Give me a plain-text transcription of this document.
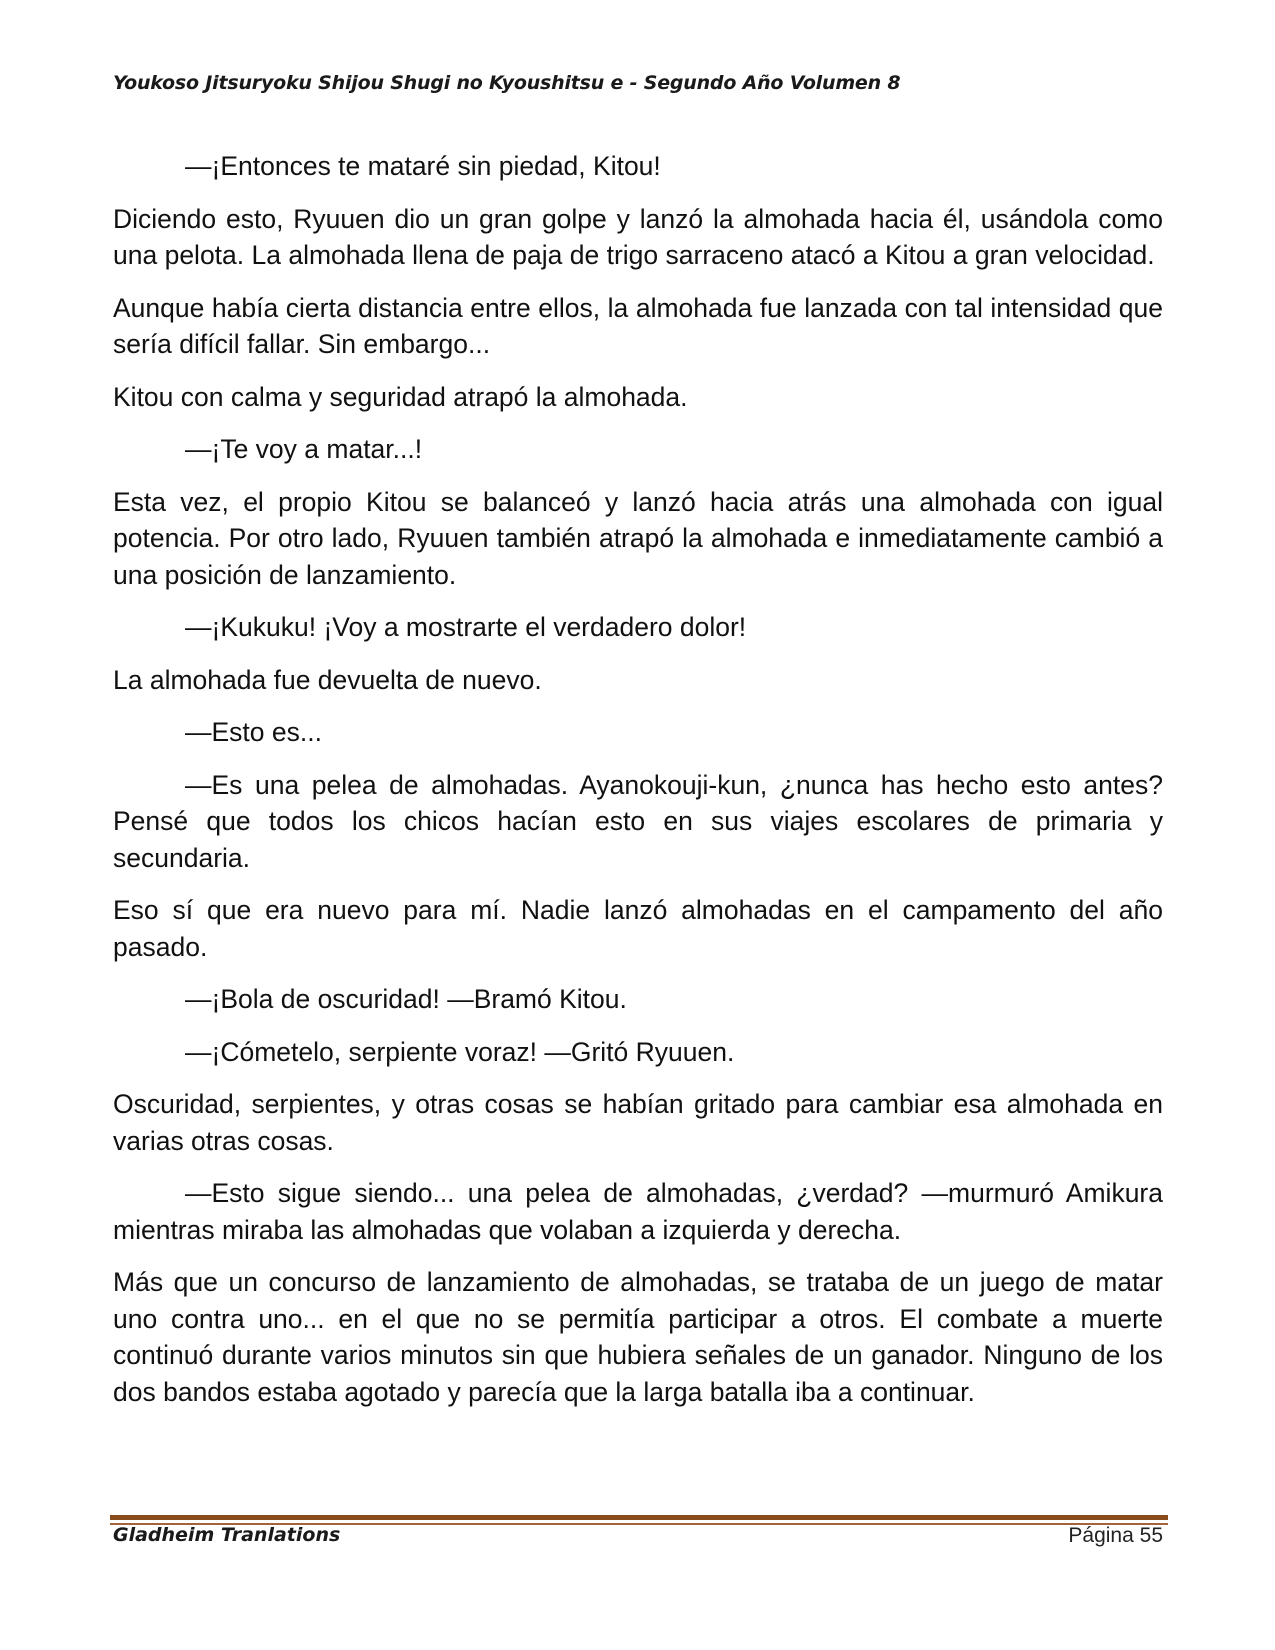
Youkoso Jitsuryoku Shijou Shugi no Kyoushitsu e - Segundo Año Volumen 8

—¡Entonces te mataré sin piedad, Kitou!

Diciendo esto, Ryuuen dio un gran golpe y lanzó la almohada hacia él, usándola como una pelota. La almohada llena de paja de trigo sarraceno atacó a Kitou a gran velocidad.

Aunque había cierta distancia entre ellos, la almohada fue lanzada con tal intensidad que sería difícil fallar. Sin embargo...

Kitou con calma y seguridad atrapó la almohada.

—¡Te voy a matar...!

Esta vez, el propio Kitou se balanceó y lanzó hacia atrás una almohada con igual potencia. Por otro lado, Ryuuen también atrapó la almohada e inmediatamente cambió a una posición de lanzamiento.

—¡Kukuku! ¡Voy a mostrarte el verdadero dolor!

La almohada fue devuelta de nuevo.

—Esto es...

—Es una pelea de almohadas. Ayanokouji-kun, ¿nunca has hecho esto antes? Pensé que todos los chicos hacían esto en sus viajes escolares de primaria y secundaria.

Eso sí que era nuevo para mí. Nadie lanzó almohadas en el campamento del año pasado.

—¡Bola de oscuridad! —Bramó Kitou.

—¡Cómetelo, serpiente voraz! —Gritó Ryuuen.

Oscuridad, serpientes, y otras cosas se habían gritado para cambiar esa almohada en varias otras cosas.

—Esto sigue siendo... una pelea de almohadas, ¿verdad? —murmuró Amikura mientras miraba las almohadas que volaban a izquierda y derecha.

Más que un concurso de lanzamiento de almohadas, se trataba de un juego de matar uno contra uno... en el que no se permitía participar a otros. El combate a muerte continuó durante varios minutos sin que hubiera señales de un ganador. Ninguno de los dos bandos estaba agotado y parecía que la larga batalla iba a continuar.

Gladheim Tranlations	Página 55
